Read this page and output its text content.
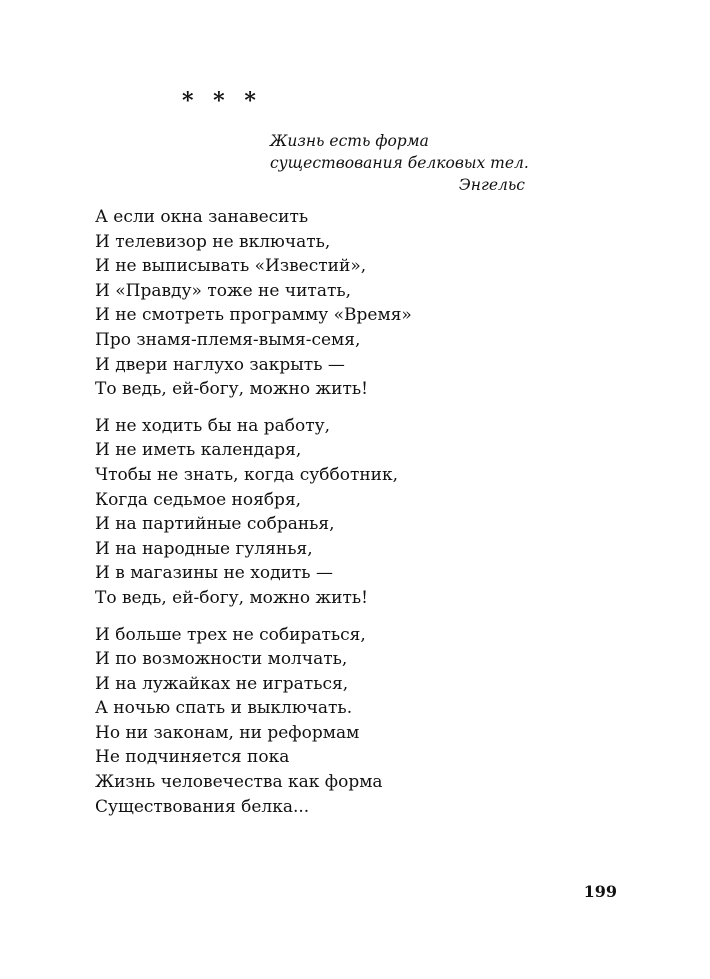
* * *

Жизнь есть форма

существования белковых тел.

Энгельс

А если окна занавесить
И телевизор не включать,
И не выписывать «Известий»,
И «Правду» тоже не читать,
И не смотреть программу «Время»
Про знамя-племя-вымя-семя,
И двери наглухо закрыть —
То ведь, ей-богу, можно жить!
И не ходить бы на работу,
И не иметь календаря,
Чтобы не знать, когда субботник,
Когда седьмое ноября,
И на партийные собранья,
И на народные гулянья,
И в магазины не ходить —
То ведь, ей-богу, можно жить!
И больше трех не собираться,
И по возможности молчать,
И на лужайках не играться,
А ночью спать и выключать.
Но ни законам, ни реформам
Не подчиняется пока
Жизнь человечества как форма
Существования белка...
199
